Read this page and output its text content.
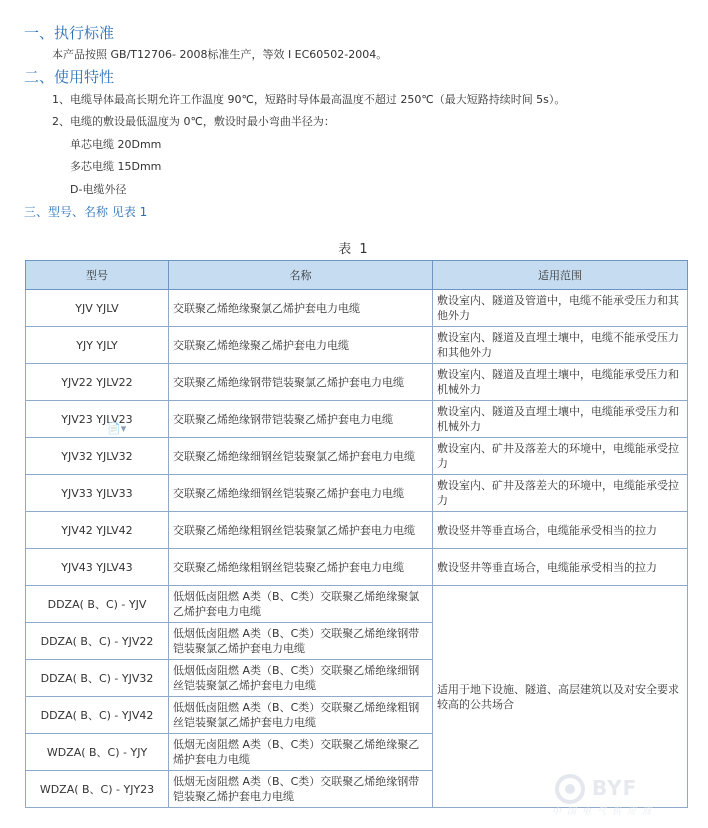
一、执行标准
本产品按照 GB/T12706- 2008标准生产，等效 I EC60502-2004。
二、使用特性
1、电缆导体最高长期允许工作温度 90℃，短路时导体最高温度不超过 250℃（最大短路持续时间 5s）。
2、电缆的敷设最低温度为 0℃，敷设时最小弯曲半径为：
单芯电缆 20Dmm
多芯电缆 15Dmm
D-电缆外径
三、型号、名称 见表 1
表 1
型号	名称	适用范围
YJV YJLV	交联聚乙烯绝缘聚氯乙烯护套电力电缆	敷设室内、隧道及管道中，电缆不能承受压力和其他外力
YJY YJLY	交联聚乙烯绝缘聚乙烯护套电力电缆	敷设室内、隧道及直埋土壤中，电缆不能承受压力和其他外力
YJV22 YJLV22	交联聚乙烯绝缘钢带铠装聚氯乙烯护套电力电缆	敷设室内、隧道及直埋土壤中，电缆能承受压力和机械外力
YJV23 YJLV23	交联聚乙烯绝缘钢带铠装聚乙烯护套电力电缆	敷设室内、隧道及直埋土壤中，电缆能承受压力和机械外力
YJV32 YJLV32	交联聚乙烯绝缘细钢丝铠装聚氯乙烯护套电力电缆	敷设室内、矿井及落差大的环境中，电缆能承受拉力
YJV33 YJLV33	交联聚乙烯绝缘细钢丝铠装聚乙烯护套电力电缆	敷设室内、矿井及落差大的环境中，电缆能承受拉力
YJV42 YJLV42	交联聚乙烯绝缘粗钢丝铠装聚氯乙烯护套电力电缆	敷设竖井等垂直场合，电缆能承受相当的拉力
YJV43 YJLV43	交联聚乙烯绝缘粗钢丝铠装聚乙烯护套电力电缆	敷设竖井等垂直场合，电缆能承受相当的拉力
DDZA( B、C) - YJV	低烟低卤阻燃 A类（B、C类）交联聚乙烯绝缘聚氯乙烯护套电力电缆	适用于地下设施、隧道、高层建筑以及对安全要求较高的公共场合
DDZA( B、C) - YJV22	低烟低卤阻燃 A类（B、C类）交联聚乙烯绝缘钢带铠装聚氯乙烯护套电力电缆	
DDZA( B、C) - YJV32	低烟低卤阻燃 A类（B、C类）交联聚乙烯绝缘细钢丝铠装聚氯乙烯护套电力电缆	
DDZA( B、C) - YJV42	低烟低卤阻燃 A类（B、C类）交联聚乙烯绝缘粗钢丝铠装聚氯乙烯护套电力电缆	
WDZA( B、C) - YJY	低烟无卤阻燃 A类（B、C类）交联聚乙烯绝缘聚乙烯护套电力电缆	
WDZA( B、C) - YJY23	低烟无卤阻燃 A类（B、C类）交联聚乙烯绝缘钢带铠装聚乙烯护套电力电缆	
📄▾
BYF
中国电气供应商
